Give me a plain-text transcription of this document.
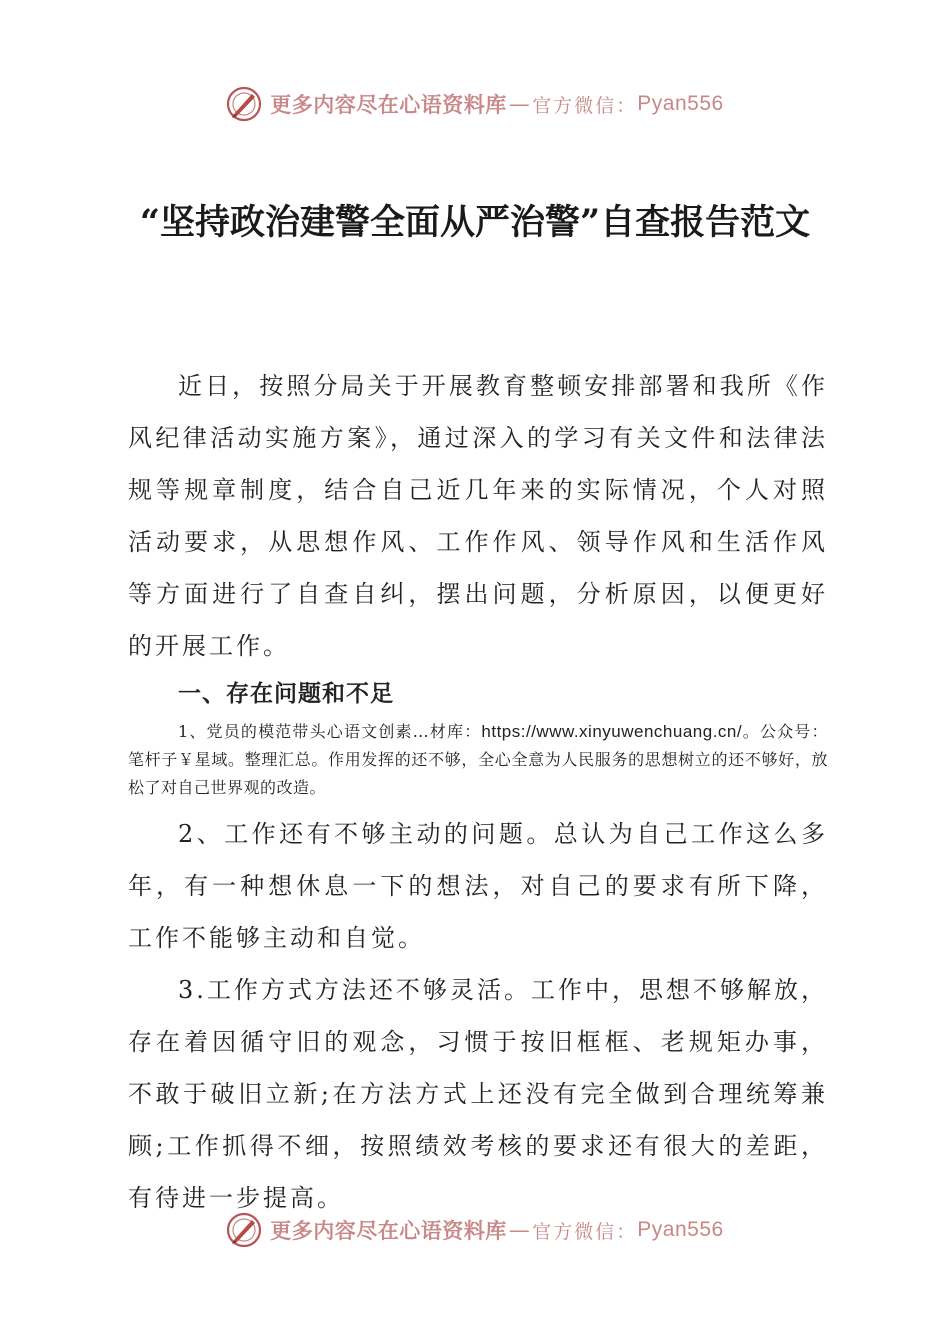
更多内容尽在心语资料库 — 官方微信： Pyan556
“坚持政治建警全面从严治警”自查报告范文

近日，按照分局关于开展教育整顿安排部署和我所《作风纪律活动实施方案》，通过深入的学习有关文件和法律法规等规章制度，结合自己近几年来的实际情况，个人对照活动要求，从思想作风、工作作风、领导作风和生活作风等方面进行了自查自纠，摆出问题，分析原因，以便更好的开展工作。

一、存在问题和不足

1、党员的模范带头心语文创素…材库：https://www.xinyuwenchuang.cn/。公众号：笔杆子￥星域。整理汇总。作用发挥的还不够，全心全意为人民服务的思想树立的还不够好，放松了对自己世界观的改造。

2、工作还有不够主动的问题。总认为自己工作这么多年，有一种想休息一下的想法，对自己的要求有所下降，工作不能够主动和自觉。

3.工作方式方法还不够灵活。工作中，思想不够解放，存在着因循守旧的观念，习惯于按旧框框、老规矩办事，不敢于破旧立新;在方法方式上还没有完全做到合理统筹兼顾;工作抓得不细，按照绩效考核的要求还有很大的差距，有待进一步提高。

更多内容尽在心语资料库 — 官方微信： Pyan556
